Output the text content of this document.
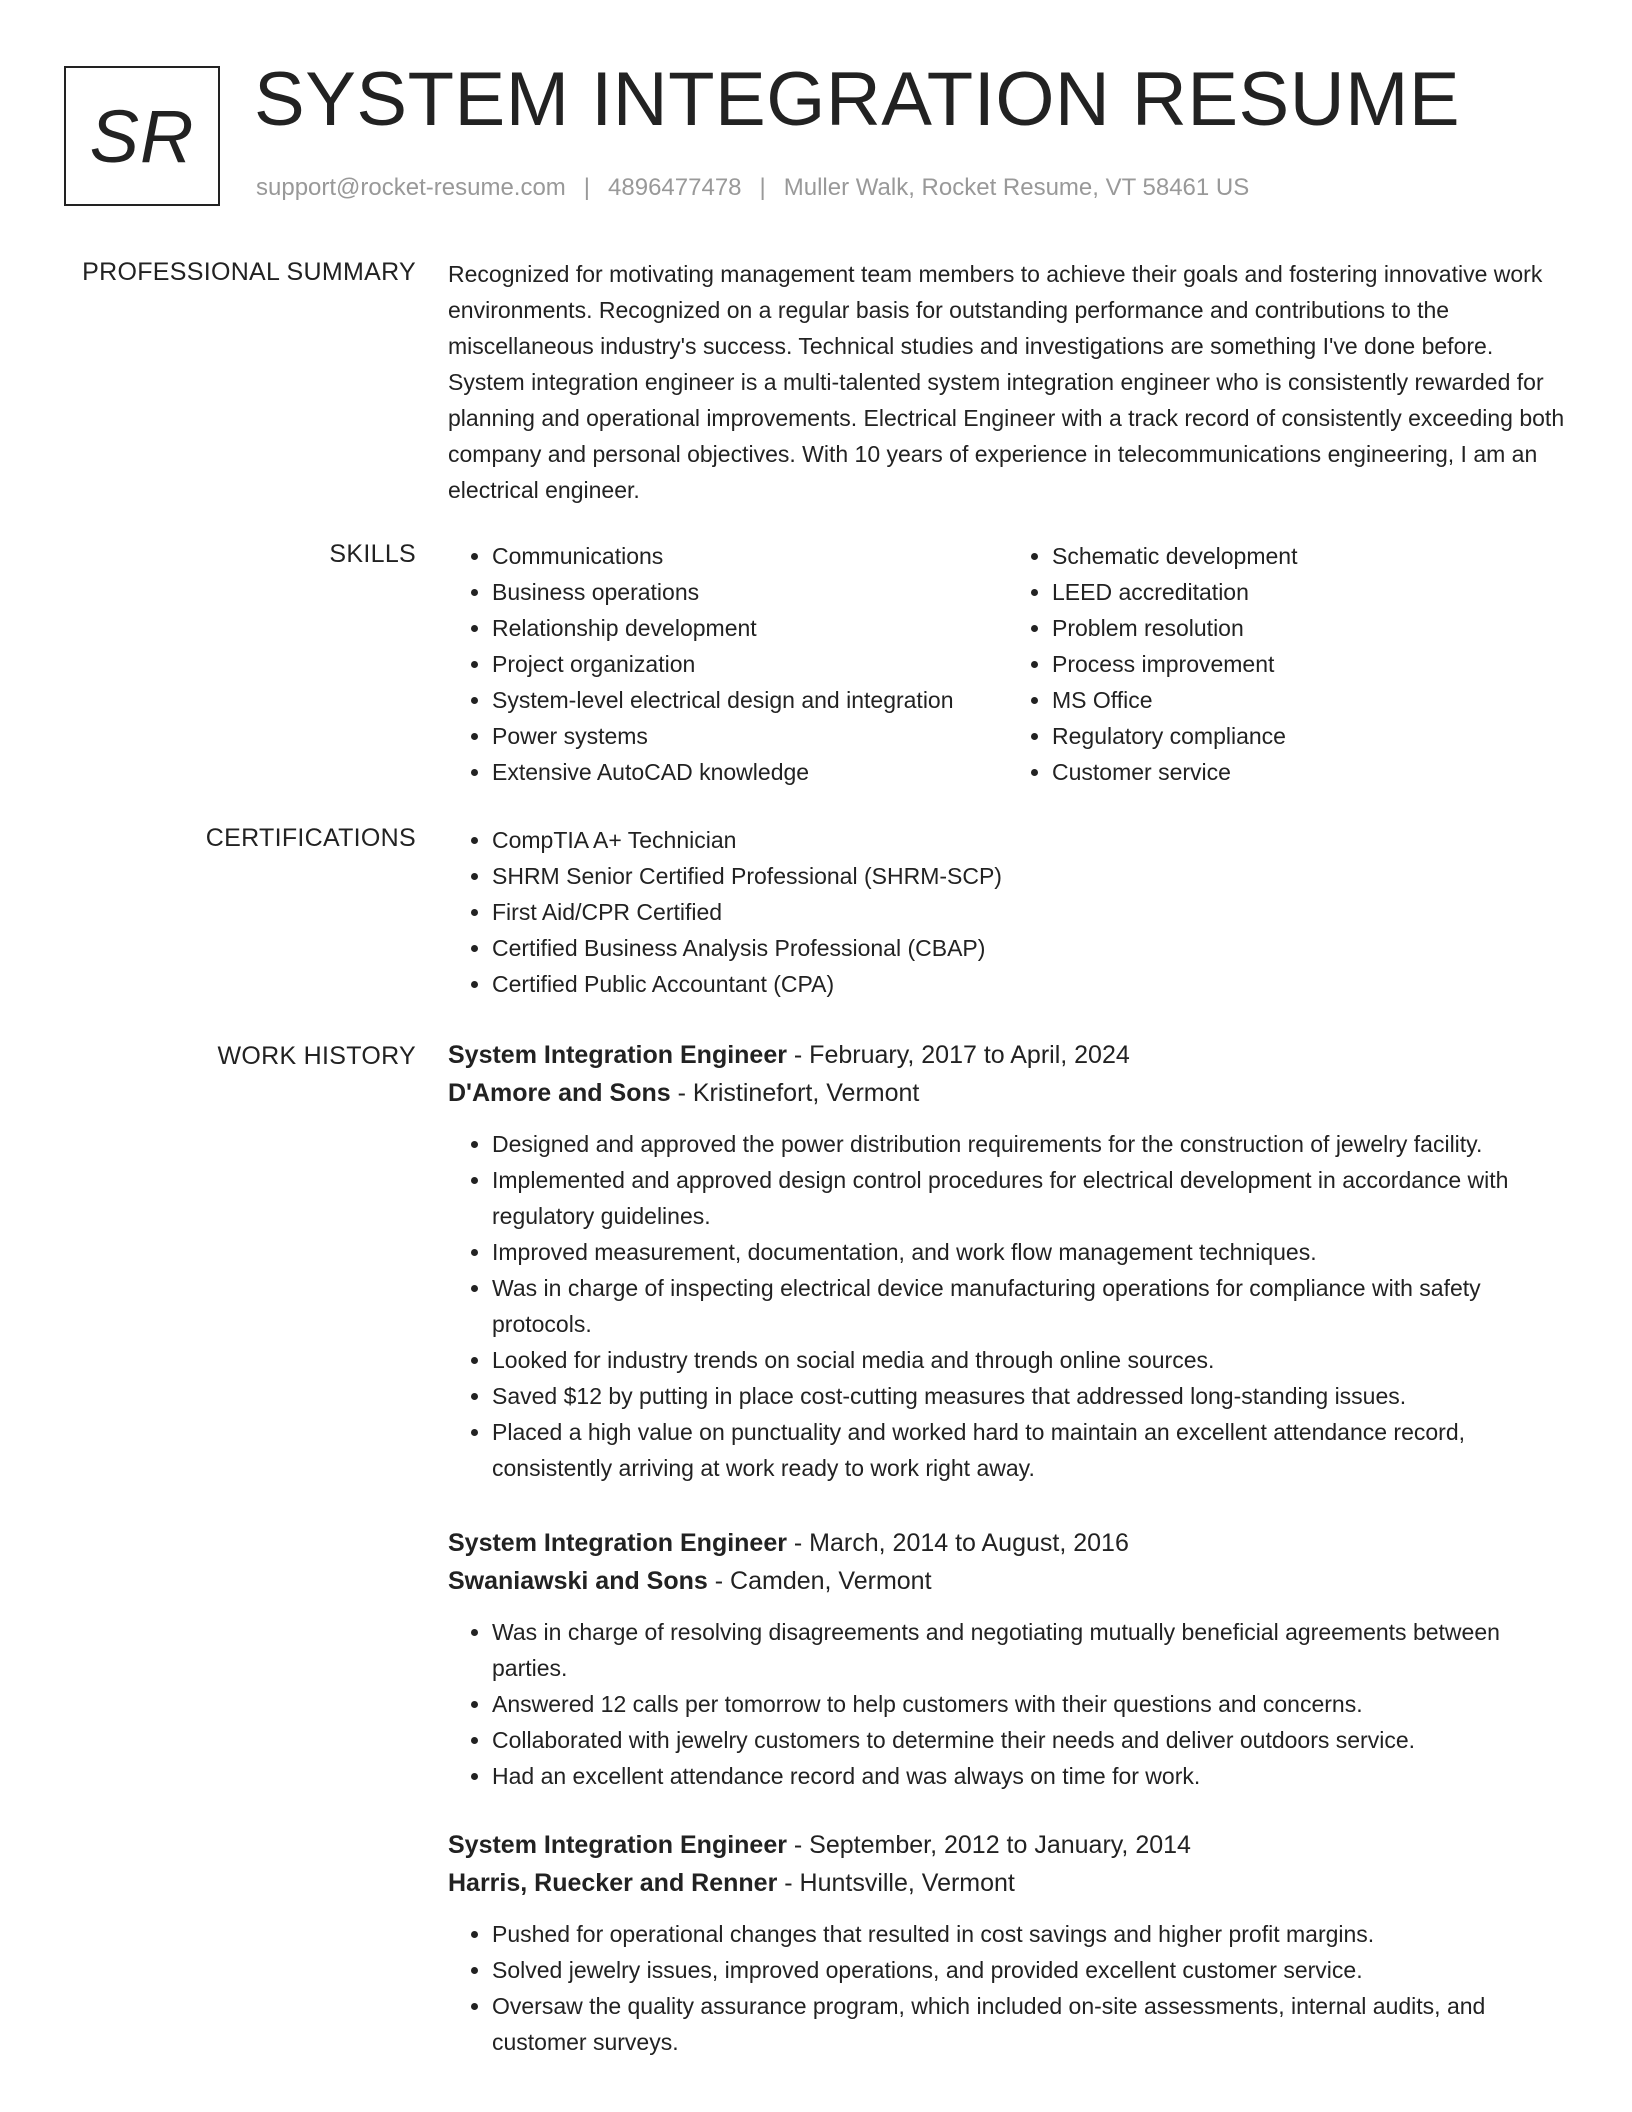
SR SYSTEM INTEGRATION RESUME
support@rocket-resume.com | 4896477478 | Muller Walk, Rocket Resume, VT 58461 US
PROFESSIONAL SUMMARY Recognized for motivating management team members to achieve their goals and fostering innovative work environments. Recognized on a regular basis for outstanding performance and contributions to the miscellaneous industry's success. Technical studies and investigations are something I've done before. System integration engineer is a multi-talented system integration engineer who is consistently rewarded for planning and operational improvements. Electrical Engineer with a track record of consistently exceeding both company and personal objectives. With 10 years of experience in telecommunications engineering, I am an electrical engineer.

SKILLS	• Communications
• Business operations
• Relationship development
• Project organization
• System-level electrical design and integration
• Power systems
• Extensive AutoCAD knowledge
• Schematic development
• LEED accreditation
• Problem resolution
• Process improvement
• MS Office
• Regulatory compliance
• Customer service
CERTIFICATIONS	• CompTIA A+ Technician
• SHRM Senior Certified Professional (SHRM-SCP)
• First Aid/CPR Certified
• Certified Business Analysis Professional (CBAP)
• Certified Public Accountant (CPA)
WORK HISTORY System Integration Engineer - February, 2017 to April, 2024
D'Amore and Sons - Kristinefort, Vermont
• Designed and approved the power distribution requirements for the construction of jewelry facility.
• Implemented and approved design control procedures for electrical development in accordance with regulatory guidelines.
• Improved measurement, documentation, and work flow management techniques.
• Was in charge of inspecting electrical device manufacturing operations for compliance with safety protocols.
• Looked for industry trends on social media and through online sources.
• Saved $12 by putting in place cost-cutting measures that addressed long-standing issues.
• Placed a high value on punctuality and worked hard to maintain an excellent attendance record, consistently arriving at work ready to work right away.
System Integration Engineer - March, 2014 to August, 2016
Swaniawski and Sons - Camden, Vermont
• Was in charge of resolving disagreements and negotiating mutually beneficial agreements between parties.
• Answered 12 calls per tomorrow to help customers with their questions and concerns.
• Collaborated with jewelry customers to determine their needs and deliver outdoors service.
• Had an excellent attendance record and was always on time for work.
System Integration Engineer - September, 2012 to January, 2014
Harris, Ruecker and Renner - Huntsville, Vermont
• Pushed for operational changes that resulted in cost savings and higher profit margins.
• Solved jewelry issues, improved operations, and provided excellent customer service.
• Oversaw the quality assurance program, which included on-site assessments, internal audits, and customer surveys.
